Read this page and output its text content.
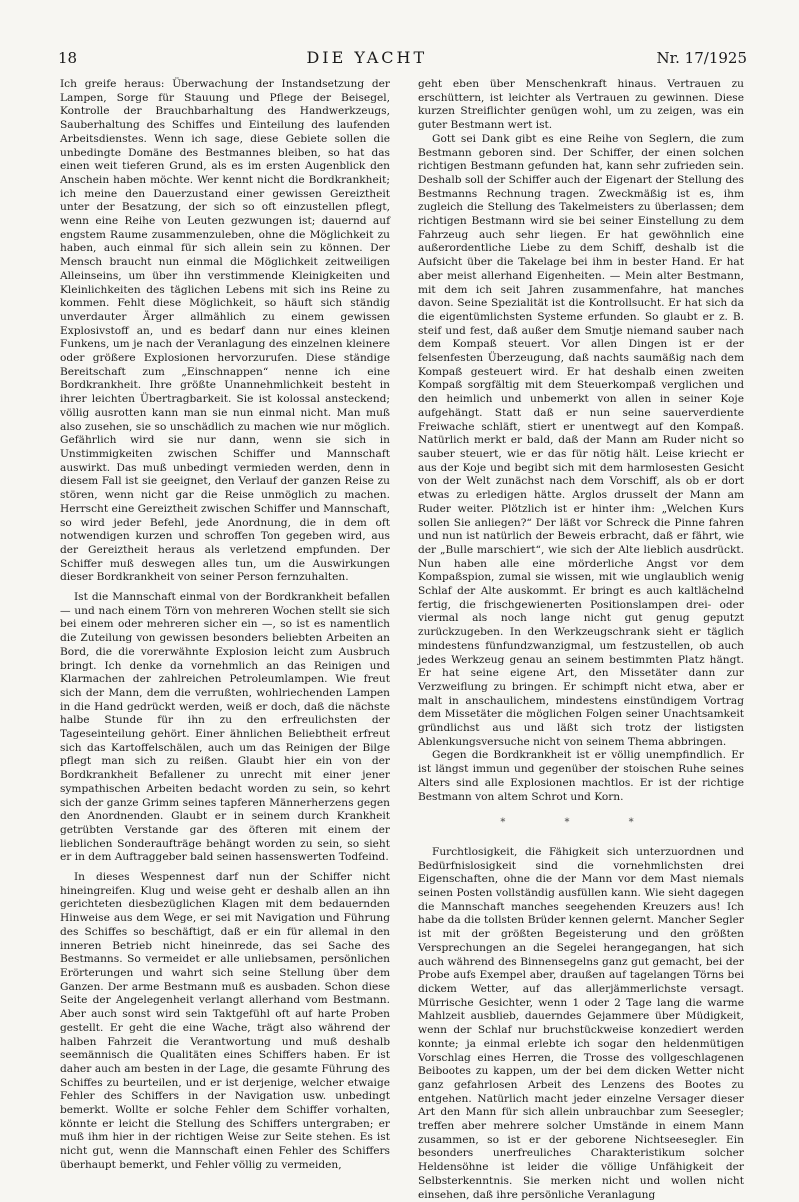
18	DIE YACHT	Nr. 17/1925

Ich greife heraus: Überwachung der Instandsetzung der Lampen, Sorge für Stauung und Pflege der Beisegel, Kontrolle der Brauchbarhaltung des Handwerkzeugs, Sauberhaltung des Schiffes und Einteilung des laufenden Arbeitsdienstes. Wenn ich sage, diese Gebiete sollen die unbedingte Domäne des Bestmannes bleiben, so hat das einen weit tieferen Grund, als es im ersten Augenblick den Anschein haben möchte. Wer kennt nicht die Bordkrankheit; ich meine den Dauerzustand einer gewissen Gereiztheit unter der Besatzung, der sich so oft einzustellen pflegt, wenn eine Reihe von Leuten gezwungen ist; dauernd auf engstem Raume zusammenzuleben, ohne die Möglichkeit zu haben, auch einmal für sich allein sein zu können. Der Mensch braucht nun einmal die Möglichkeit zeitweiligen Alleinseins, um über ihn verstimmende Kleinigkeiten und Kleinlichkeiten des täglichen Lebens mit sich ins Reine zu kommen. Fehlt diese Möglichkeit, so häuft sich ständig unverdauter Ärger allmählich zu einem gewissen Explosivstoff an, und es bedarf dann nur eines kleinen Funkens, um je nach der Veranlagung des einzelnen kleinere oder größere Explosionen hervorzurufen. Diese ständige Bereitschaft zum „Einschnappen“ nenne ich eine Bordkrankheit. Ihre größte Unannehmlichkeit besteht in ihrer leichten Übertragbarkeit. Sie ist kolossal ansteckend; völlig ausrotten kann man sie nun einmal nicht. Man muß also zusehen, sie so unschädlich zu machen wie nur möglich. Gefährlich wird sie nur dann, wenn sie sich in Unstimmigkeiten zwischen Schiffer und Mannschaft auswirkt. Das muß unbedingt vermieden werden, denn in diesem Fall ist sie geeignet, den Verlauf der ganzen Reise zu stören, wenn nicht gar die Reise unmöglich zu machen. Herrscht eine Gereiztheit zwischen Schiffer und Mannschaft, so wird jeder Befehl, jede Anordnung, die in dem oft notwendigen kurzen und schroffen Ton gegeben wird, aus der Gereiztheit heraus als verletzend empfunden. Der Schiffer muß deswegen alles tun, um die Auswirkungen dieser Bordkrankheit von seiner Person fernzuhalten.

Ist die Mannschaft einmal von der Bordkrankheit befallen — und nach einem Törn von mehreren Wochen stellt sie sich bei einem oder mehreren sicher ein —, so ist es namentlich die Zuteilung von gewissen besonders beliebten Arbeiten an Bord, die die vorerwähnte Explosion leicht zum Ausbruch bringt. Ich denke da vornehmlich an das Reinigen und Klarmachen der zahlreichen Petroleumlampen. Wie freut sich der Mann, dem die verrußten, wohlriechenden Lampen in die Hand gedrückt werden, weiß er doch, daß die nächste halbe Stunde für ihn zu den erfreulichsten der Tageseinteilung gehört. Einer ähnlichen Beliebtheit erfreut sich das Kartoffelschälen, auch um das Reinigen der Bilge pflegt man sich zu reißen. Glaubt hier ein von der Bordkrankheit Befallener zu unrecht mit einer jener sympathischen Arbeiten bedacht worden zu sein, so kehrt sich der ganze Grimm seines tapferen Männerherzens gegen den Anordnenden. Glaubt er in seinem durch Krankheit getrübten Verstande gar des öfteren mit einem der lieblichen Sonderaufträge behängt worden zu sein, so sieht er in dem Auftraggeber bald seinen hassenswerten Todfeind.

In dieses Wespennest darf nun der Schiffer nicht hineingreifen. Klug und weise geht er deshalb allen an ihn gerichteten diesbezüglichen Klagen mit dem bedauernden Hinweise aus dem Wege, er sei mit Navigation und Führung des Schiffes so beschäftigt, daß er ein für allemal in den inneren Betrieb nicht hineinrede, das sei Sache des Bestmanns. So vermeidet er alle unliebsamen, persönlichen Erörterungen und wahrt sich seine Stellung über dem Ganzen. Der arme Bestmann muß es ausbaden. Schon diese Seite der Angelegenheit verlangt allerhand vom Bestmann. Aber auch sonst wird sein Taktgefühl oft auf harte Proben gestellt. Er geht die eine Wache, trägt also während der halben Fahrzeit die Verantwortung und muß deshalb seemännisch die Qualitäten eines Schiffers haben. Er ist daher auch am besten in der Lage, die gesamte Führung des Schiffes zu beurteilen, und er ist derjenige, welcher etwaige Fehler des Schiffers in der Navigation usw. unbedingt bemerkt. Wollte er solche Fehler dem Schiffer vorhalten, könnte er leicht die Stellung des Schiffers untergraben; er muß ihm hier in der richtigen Weise zur Seite stehen. Es ist nicht gut, wenn die Mannschaft einen Fehler des Schiffers überhaupt bemerkt, und Fehler völlig zu vermeiden,

geht eben über Menschenkraft hinaus. Vertrauen zu erschüttern, ist leichter als Vertrauen zu gewinnen. Diese kurzen Streiflichter genügen wohl, um zu zeigen, was ein guter Bestmann wert ist.

Gott sei Dank gibt es eine Reihe von Seglern, die zum Bestmann geboren sind. Der Schiffer, der einen solchen richtigen Bestmann gefunden hat, kann sehr zufrieden sein. Deshalb soll der Schiffer auch der Eigenart der Stellung des Bestmanns Rechnung tragen. Zweckmäßig ist es, ihm zugleich die Stellung des Takelmeisters zu überlassen; dem richtigen Bestmann wird sie bei seiner Einstellung zu dem Fahrzeug auch sehr liegen. Er hat gewöhnlich eine außerordentliche Liebe zu dem Schiff, deshalb ist die Aufsicht über die Takelage bei ihm in bester Hand. Er hat aber meist allerhand Eigenheiten. — Mein alter Bestmann, mit dem ich seit Jahren zusammenfahre, hat manches davon. Seine Spezialität ist die Kontrollsucht. Er hat sich da die eigentümlichsten Systeme erfunden. So glaubt er z. B. steif und fest, daß außer dem Smutje niemand sauber nach dem Kompaß steuert. Vor allen Dingen ist er der felsenfesten Überzeugung, daß nachts saumäßig nach dem Kompaß gesteuert wird. Er hat deshalb einen zweiten Kompaß sorgfältig mit dem Steuerkompaß verglichen und den heimlich und unbemerkt von allen in seiner Koje aufgehängt. Statt daß er nun seine sauerverdiente Freiwache schläft, stiert er unentwegt auf den Kompaß. Natürlich merkt er bald, daß der Mann am Ruder nicht so sauber steuert, wie er das für nötig hält. Leise kriecht er aus der Koje und begibt sich mit dem harmlosesten Gesicht von der Welt zunächst nach dem Vorschiff, als ob er dort etwas zu erledigen hätte. Arglos drusselt der Mann am Ruder weiter. Plötzlich ist er hinter ihm: „Welchen Kurs sollen Sie anliegen?“ Der läßt vor Schreck die Pinne fahren und nun ist natürlich der Beweis erbracht, daß er fährt, wie der „Bulle marschiert“, wie sich der Alte lieblich ausdrückt. Nun haben alle eine mörderliche Angst vor dem Kompaßspion, zumal sie wissen, mit wie unglaublich wenig Schlaf der Alte auskommt. Er bringt es auch kaltlächelnd fertig, die frischgewienerten Positionslampen drei- oder viermal als noch lange nicht gut genug geputzt zurückzugeben. In den Werkzeugschrank sieht er täglich mindestens fünfundzwanzigmal, um festzustellen, ob auch jedes Werkzeug genau an seinem bestimmten Platz hängt. Er hat seine eigene Art, den Missetäter dann zur Verzweiflung zu bringen. Er schimpft nicht etwa, aber er malt in anschaulichem, mindestens einstündigem Vortrag dem Missetäter die möglichen Folgen seiner Unachtsamkeit gründlichst aus und läßt sich trotz der listigsten Ablenkungsversuche nicht von seinem Thema abbringen.

Gegen die Bordkrankheit ist er völlig unempfindlich. Er ist längst immun und gegenüber der stoischen Ruhe seines Alters sind alle Explosionen machtlos. Er ist der richtige Bestmann von altem Schrot und Korn.

* * *

Furchtlosigkeit, die Fähigkeit sich unterzuordnen und Bedürfnislosigkeit sind die vornehmlichsten drei Eigenschaften, ohne die der Mann vor dem Mast niemals seinen Posten vollständig ausfüllen kann. Wie sieht dagegen die Mannschaft manches seegehenden Kreuzers aus! Ich habe da die tollsten Brüder kennen gelernt. Mancher Segler ist mit der größten Begeisterung und den größten Versprechungen an die Segelei herangegangen, hat sich auch während des Binnensegelns ganz gut gemacht, bei der Probe aufs Exempel aber, draußen auf tagelangen Törns bei dickem Wetter, auf das allerjämmerlichste versagt. Mürrische Gesichter, wenn 1 oder 2 Tage lang die warme Mahlzeit ausblieb, dauerndes Gejammere über Müdigkeit, wenn der Schlaf nur bruchstückweise konzediert werden konnte; ja einmal erlebte ich sogar den heldenmütigen Vorschlag eines Herren, die Trosse des vollgeschlagenen Beibootes zu kappen, um der bei dem dicken Wetter nicht ganz gefahrlosen Arbeit des Lenzens des Bootes zu entgehen. Natürlich macht jeder einzelne Versager dieser Art den Mann für sich allein unbrauchbar zum Seesegler; treffen aber mehrere solcher Umstände in einem Mann zusammen, so ist er der geborene Nichtseesegler. Ein besonders unerfreuliches Charakteristikum solcher Heldensöhne ist leider die völlige Unfähigkeit der Selbsterkenntnis. Sie merken nicht und wollen nicht einsehen, daß ihre persönliche Veranlagung
